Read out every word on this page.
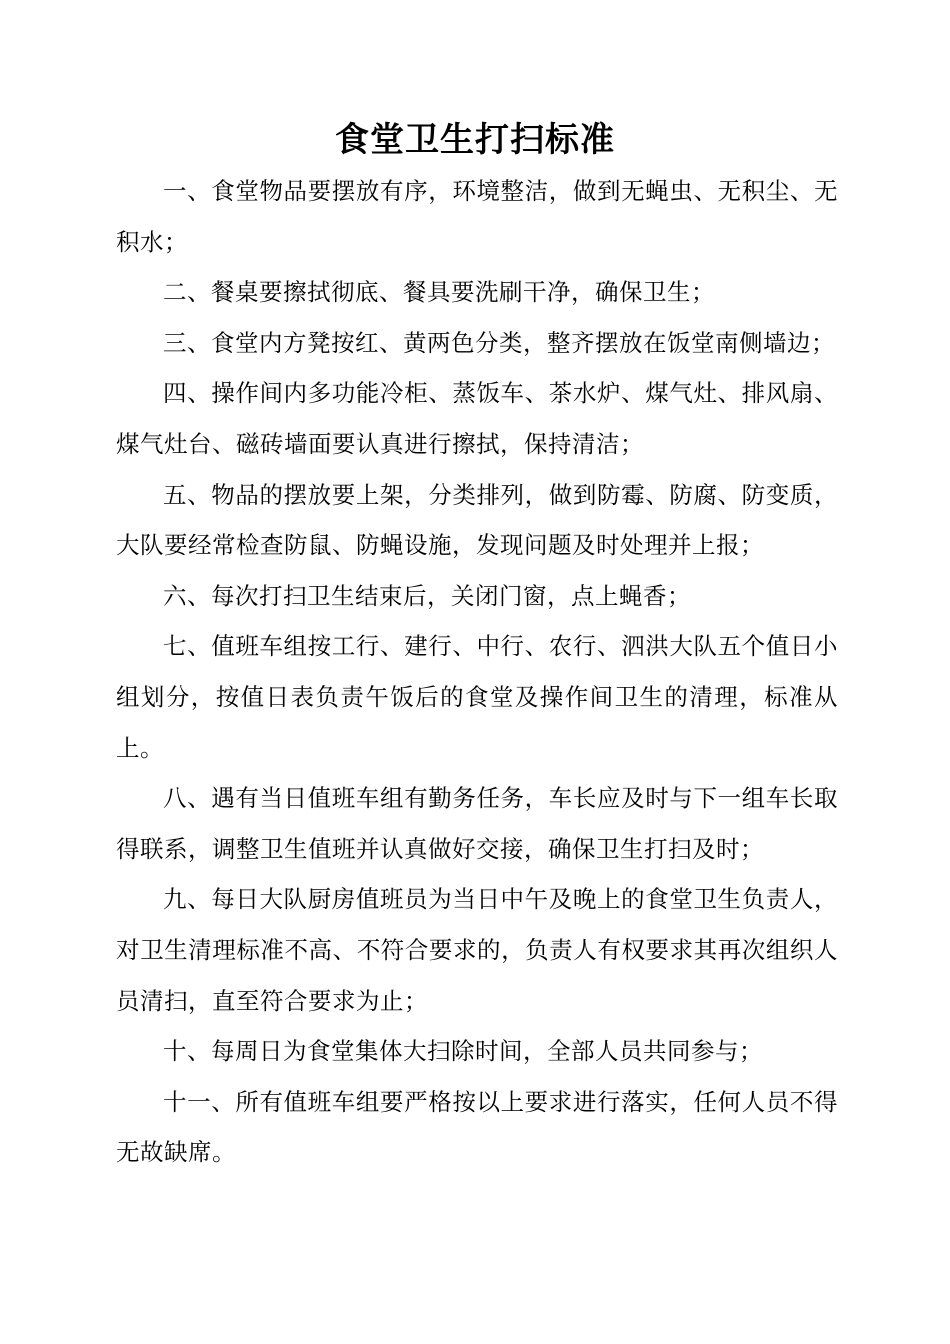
食堂卫生打扫标准

一、食堂物品要摆放有序，环境整洁，做到无蝇虫、无积尘、无积水；

二、餐桌要擦拭彻底、餐具要洗刷干净，确保卫生；

三、食堂内方凳按红、黄两色分类，整齐摆放在饭堂南侧墙边；

四、操作间内多功能冷柜、蒸饭车、茶水炉、煤气灶、排风扇、煤气灶台、磁砖墙面要认真进行擦拭，保持清洁；

五、物品的摆放要上架，分类排列，做到防霉、防腐、防变质，大队要经常检查防鼠、防蝇设施，发现问题及时处理并上报；

六、每次打扫卫生结束后，关闭门窗，点上蝇香；

七、值班车组按工行、建行、中行、农行、泗洪大队五个值日小组划分，按值日表负责午饭后的食堂及操作间卫生的清理，标准从上。

八、遇有当日值班车组有勤务任务，车长应及时与下一组车长取得联系，调整卫生值班并认真做好交接，确保卫生打扫及时；

九、每日大队厨房值班员为当日中午及晚上的食堂卫生负责人，对卫生清理标准不高、不符合要求的，负责人有权要求其再次组织人员清扫，直至符合要求为止；

十、每周日为食堂集体大扫除时间，全部人员共同参与；

十一、所有值班车组要严格按以上要求进行落实，任何人员不得无故缺席。
